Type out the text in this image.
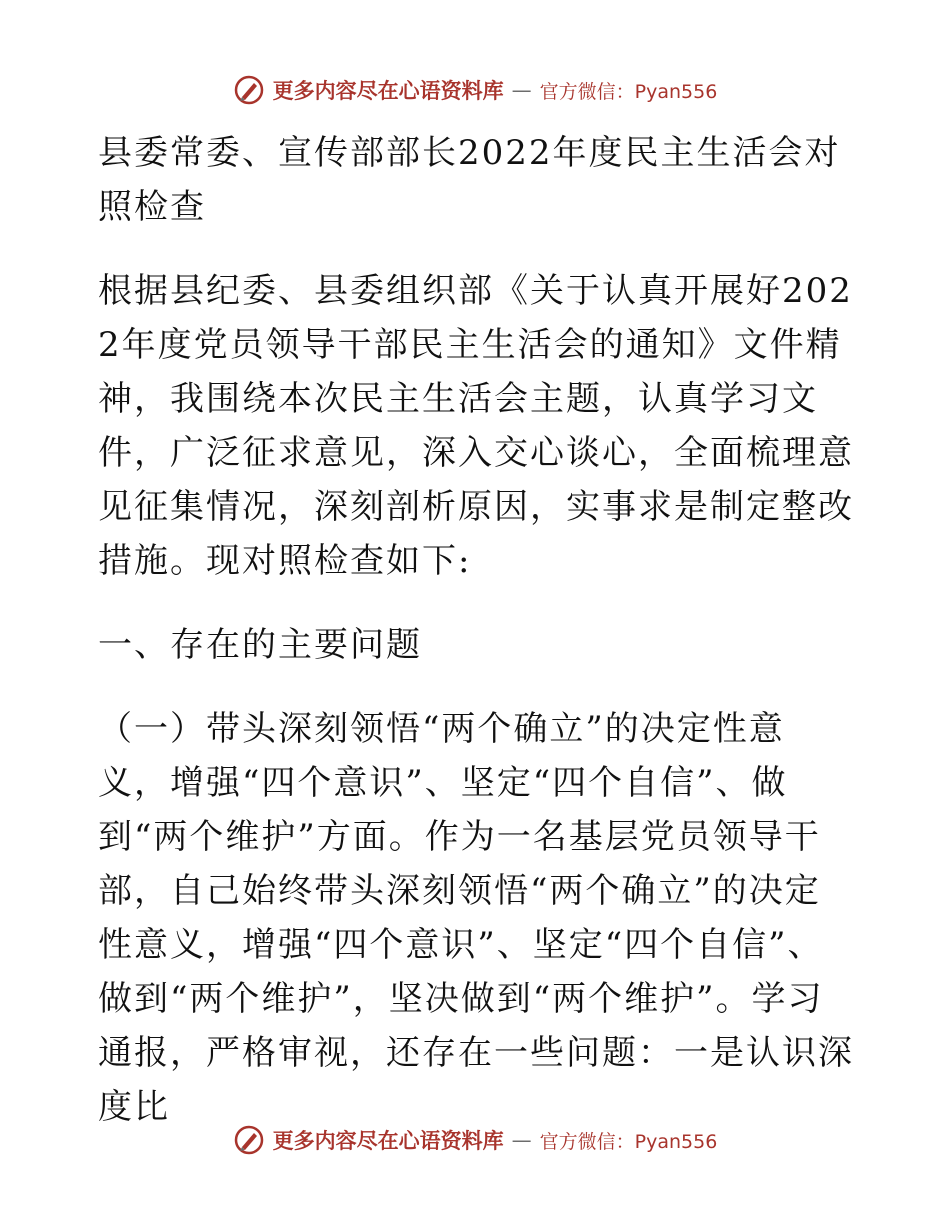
更多内容尽在心语资料库 — 官方微信：Pyan556

县委常委、宣传部部长2022年度民主生活会对照检查

根据县纪委、县委组织部《关于认真开展好2022年度党员领导干部民主生活会的通知》文件精神，我围绕本次民主生活会主题，认真学习文件，广泛征求意见，深入交心谈心，全面梳理意见征集情况，深刻剖析原因，实事求是制定整改措施。现对照检查如下:

一、存在的主要问题

（一）带头深刻领悟“两个确立”的决定性意义，增强“四个意识”、坚定“四个自信”、做到“两个维护”方面。作为一名基层党员领导干部，自己始终带头深刻领悟“两个确立”的决定性意义，增强“四个意识”、坚定“四个自信”、做到“两个维护”，坚决做到“两个维护”。学习通报，严格审视，还存在一些问题：一是认识深度比

更多内容尽在心语资料库 — 官方微信：Pyan556
